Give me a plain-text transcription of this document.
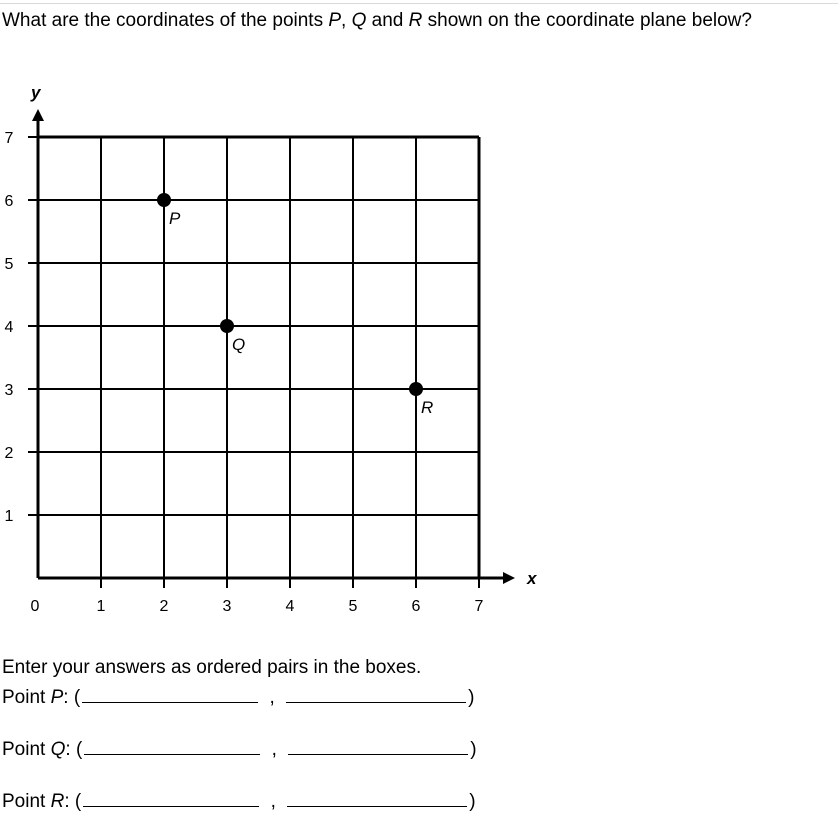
What are the coordinates of the points P, Q and R shown on the coordinate plane below?

0	1	2	3	4	5	6	7
1
2
3
4
5
6
7
x
y
P
Q
R

Enter your answers as ordered pairs in the boxes.

Point P: (	,	)
Point Q: (	,	)
Point R: (	,	)
